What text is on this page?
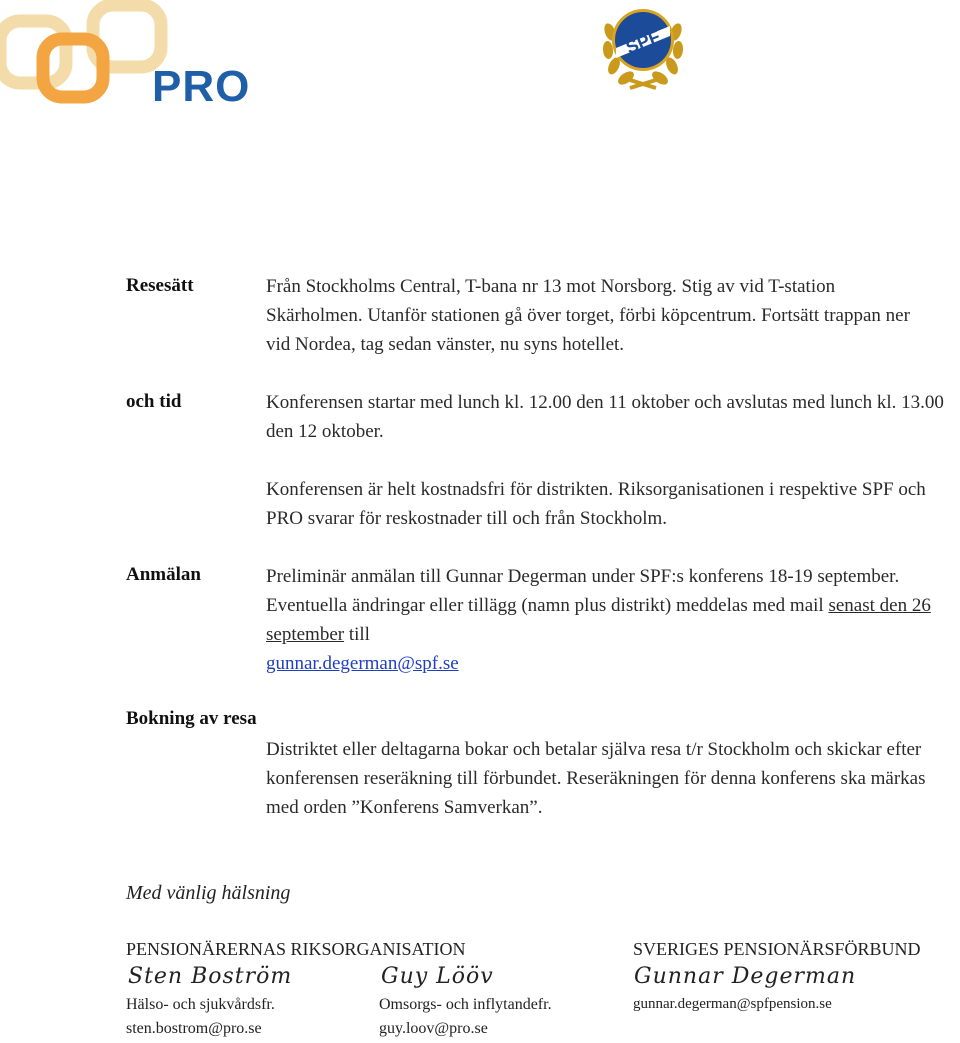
PRO
SPF
Resesätt	Från Stockholms Central, T-bana nr 13 mot Norsborg. Stig av vid T-station Skärholmen. Utanför stationen gå över torget, förbi köpcentrum. Fortsätt trappan ner vid Nordea, tag sedan vänster, nu syns hotellet.
och tid	Konferensen startar med lunch kl. 12.00 den 11 oktober och avslutas med lunch kl. 13.00 den 12 oktober.
Konferensen är helt kostnadsfri för distrikten. Riksorganisationen i respektive SPF och PRO svarar för reskostnader till och från Stockholm.
Anmälan	Preliminär anmälan till Gunnar Degerman under SPF:s konferens 18-19 september. Eventuella ändringar eller tillägg (namn plus distrikt) meddelas med mail senast den 26 september till
gunnar.degerman@spf.se
Bokning av resa
Distriktet eller deltagarna bokar och betalar själva resa t/r Stockholm och skickar efter konferensen reseräkning till förbundet. Reseräkningen för denna konferens ska märkas med orden ”Konferens Samverkan”.
Med vänlig hälsning
PENSIONÄRERNAS RIKSORGANISATION	SVERIGES PENSIONÄRSFÖRBUND
Sten Boström	Guy Lööv	Gunnar Degerman
Hälso- och sjukvårdsfr.	Omsorgs- och inflytandefr.	gunnar.degerman@spfpension.se
sten.bostrom@pro.se	guy.loov@pro.se
